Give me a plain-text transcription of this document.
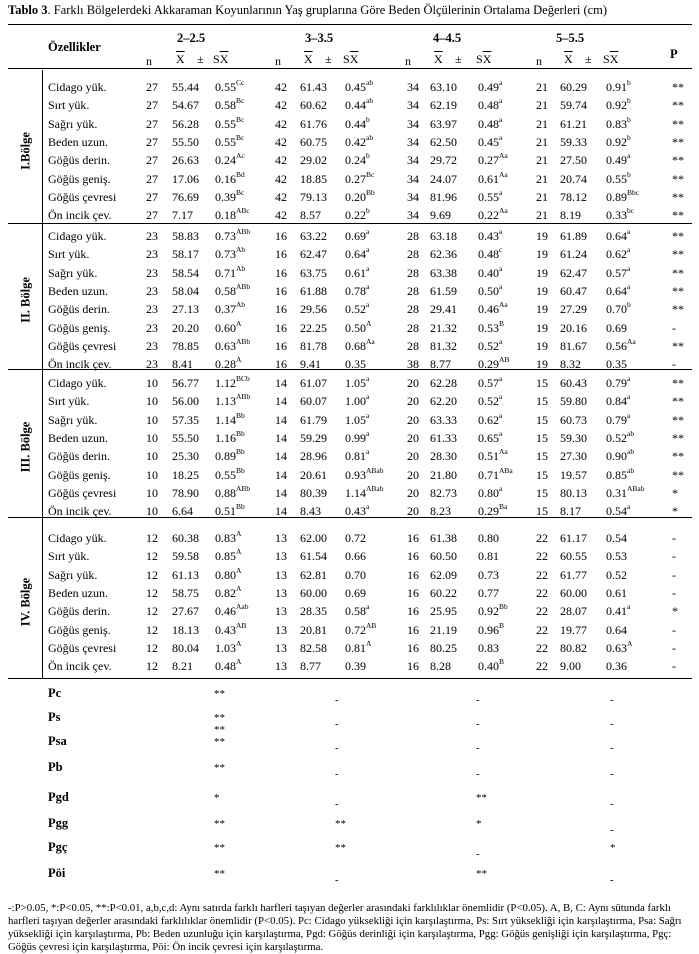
Tablo 3. Farklı Bölgelerdeki Akkaraman Koyunlarının Yaş gruplarına Göre Beden Ölçülerinin Ortalama Değerleri (cm)
Özellikler
2–2.5
n $\overline{X} \pm S\overline{X}$
3–3.5
n $\overline{X} \pm S\overline{X}$
4–4.5
n $\overline{X} \pm S\overline{X}$
5–5.5
n $\overline{X} \pm S\overline{X}$	P
I.Bölge
Cidago yük.	27 55.44 $0.55^{Cc}$	42 61.43 0.45$^{ab}$	34 63.10 0.49$^a$	21 60.29 0.91$^b$	**
Sırt yük.	27 54.67 $0.58^{Bc}$	42 60.62 0.44$^{ab}$	34 62.19 0.48$^a$	21 59.74 0.92$^b$	**
Sağrı yük.	27 56.28 $0.55^{Bc}$	42 61.76 0.44$^b$	34 63.97 0.48$^a$	21 61.21 0.83$^b$	**
Beden uzun.	27 55.50 $0.55^{Bc}$	42 60.75 0.42$^{ab}$	34 62.50 0.45$^a$	21 59.33 0.92$^b$	**
Göğüs derin.	27 26.63 $0.24^{Ac}$	42 29.02 0.24$^b$	34 29.72 $0.27^{Aa}$ 21 27.50 0.49$^a$	**
Göğüs geniş.	27 17.06 $0.16^{Bd}$	42 18.85 $0.27^{Bc}$	34 24.07 $0.61^{Aa}$ 21 20.74 0.55$^b$	**
Göğüs çevresi 27 76.69 $0.39^{Bc}$	42 79.13 $0.20^{Bb}$	34 81.96 0.55$^a$	21 78.12 $0.89^{Bbc}$	**
Ön incik çev.	27 7.17 $0.18^{ABc}$ 42 8.57 0.22$^b$	34 9.69 $0.22^{Aa}$ 21 8.19 0.33$^{bc}$	**
II. Bölge
Cidago yük.	23 58.83 $0.73^{ABb}$ 16 63.22 0.69$^a$	28 63.18 0.43$^a$	19 61.89 0.64$^a$	**
Sırt yük.	23 58.17 $0.73^{Ab}$ 16 62.47 0.64$^a$	28 62.36 0.48$^c$	19 61.24 0.62$^a$	**
Sağrı yük.	23 58.54 $0.71^{Ab}$ 16 63.75 0.61$^a$	28 63.38 0.40$^a$	19 62.47 0.57$^a$	**
Beden uzun.	23 58.04 $0.58^{ABb}$ 16 61.88 0.78$^a$	28 61.59 0.50$^a$	19 60.47 0.64$^a$	**
Göğüs derin.	23 27.13 $0.37^{Ab}$ 16 29.56 0.52$^a$	28 29.41 $0.46^{Aa}$ 19 27.29 0.70$^b$	**
Göğüs geniş.	23 20.20 $0.60^A$	16 22.25 $0.50^A$	28 21.32 $0.53^B$	19 20.16 0.69	-
Göğüs çevresi 23 78.85 $0.63^{ABb}$ 16 81.78 $0.68^{Aa}$	28 81.32 0.52$^a$	19 81.67 $0.56^{Aa}$	**
Ön incik çev.	23 8.41 $0.28^A$	16 9.41 0.35	38 8.77 $0.29^{AB}$ 19 8.32 0.35	-
III. Bölge
Cidago yük.	10 56.77 $1.12^{BCb}$ 14 61.07 1.05$^a$	20 62.28 0.57$^a$	15 60.43 0.79$^a$	**
Sırt yük.	10 56.00 $1.13^{ABb}$ 14 60.07 1.00$^a$	20 62.20 0.52$^a$	15 59.80 0.84$^a$	**
Sağrı yük.	10 57.35 $1.14^{Bb}$	14 61.79 1.05$^a$	20 63.33 0.62$^a$	15 60.73 0.79$^a$	**
Beden uzun.	10 55.50 $1.16^{Bb}$	14 59.29 0.99$^a$	20 61.33 0.65$^a$	15 59.30 0.52$^{ab}$	**
Göğüs derin.	10 25.30 $0.89^{Bb}$	14 28.96 0.81$^a$	20 28.30 $0.51^{Aa}$ 15 27.30 0.90$^{ab}$	**
Göğüs geniş.	10 18.25 $0.55^{Bb}$	14 20.61 $0.93^{ABab}$ 20 21.80 $0.71^{ABa}$ 15 19.57 0.85$^{ab}$	**
Göğüs çevresi 10 78.90 $0.88^{ABb}$ 14 80.39 $1.14^{ABab}$ 20 82.73 0.80$^a$	15 80.13 $0.31^{ABab}$ *
Ön incik çev.	10 6.64 $0.51^{Bb}$	14 8.43 0.43$^a$	20 8.23 $0.29^{Ba}$ 15 8.17 0.54$^a$	*
IV. Bölge
Cidago yük.	12 60.38 $0.83^A$	13 62.00 0.72	16 61.38 0.80	22 61.17 0.54	-
Sırt yük.	12 59.58 $0.85^A$	13 61.54 0.66	16 60.50 0.81	22 60.55 0.53	-
Sağrı yük.	12 61.13 $0.80^A$	13 62.81 0.70	16 62.09 0.73	22 61.77 0.52	-
Beden uzun.	12 58.75 $0.82^A$	13 60.00 0.69	16 60.22 0.77	22 60.00 0.61	-
Göğüs derin.	12 27.67 $0.46^{Aab}$ 13 28.35 0.58$^a$	16 25.95 $0.92^{Bb}$ 22 28.07 0.41$^a$	*
Göğüs geniş.	12 18.13 $0.43^{AB}$ 13 20.81 $0.72^{AB}$	16 21.19 $0.96^B$	22 19.77 0.64	-
Göğüs çevresi 12 80.04 $1.03^A$	13 82.58 $0.81^A$	16 80.25 0.83	22 80.82 $0.63^A$	-
Ön incik çev.	12 8.21 $0.48^A$	13 8.77 0.39	16 8.28 $0.40^B$	22 9.00 0.36	-
Pc	**	-	-	-
Ps	**	-	-	-
Psa	**	-	-	-
Pb	**	-	-	-
Pgd	*	-	**	-
Pgg	**	**	*	-
Pgç	**	**	-	*
Pöi	**	-	**	-
**
-:P>0.05, *:P<0.05, **:P<0.01, a,b,c,d: Aynı satırda farklı harfleri taşıyan değerler arasındaki farklılıklar önemlidir (P<0.05). A, B, C: Aynı sütunda farklı harfleri taşıyan değerler arasındaki farklılıklar önemlidir (P<0.05). Pc: Cidago yüksekliği için karşılaştırma, Ps: Sırt yüksekliği için karşılaştırma, Psa: Sağrı yüksekliği için karşılaştırma, Pb: Beden uzunluğu için karşılaştırma, Pgd: Göğüs derinliği için karşılaştırma, Pgg: Göğüs genişliği için karşılaştırma, Pgç: Göğüs çevresi için karşılaştırma, Pöi: Ön incik çevresi için karşılaştırma.
